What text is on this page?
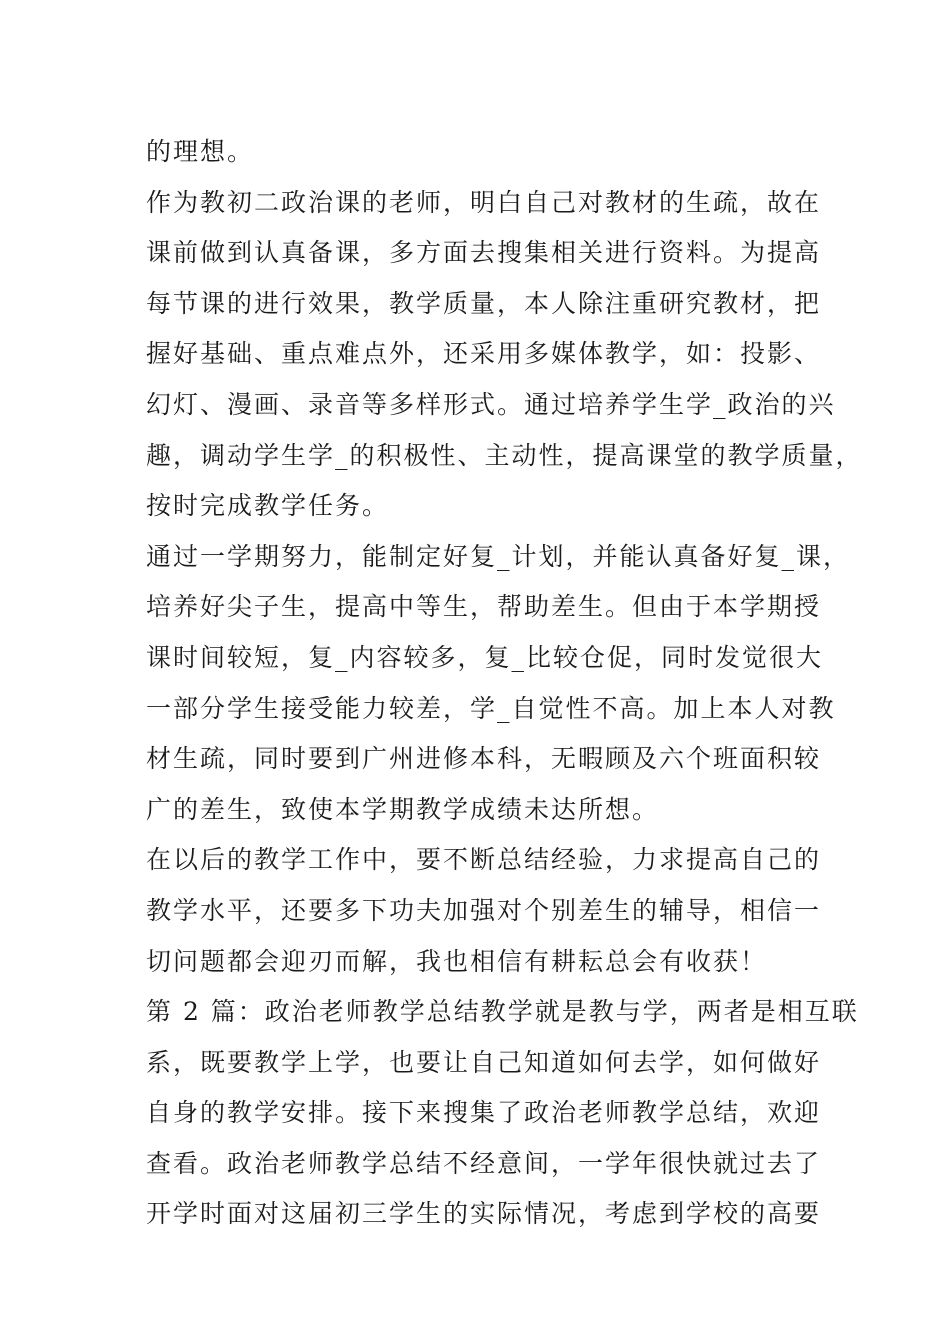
的理想。
作为教初二政治课的老师，明白自己对教材的生疏，故在
课前做到认真备课，多方面去搜集相关进行资料。为提高
每节课的进行效果，教学质量，本人除注重研究教材，把
握好基础、重点难点外，还采用多媒体教学，如：投影、
幻灯、漫画、录音等多样形式。通过培养学生学_政治的兴
趣，调动学生学_的积极性、主动性，提高课堂的教学质量，
按时完成教学任务。
通过一学期努力，能制定好复_计划，并能认真备好复_课，
培养好尖子生，提高中等生，帮助差生。但由于本学期授
课时间较短，复_内容较多，复_比较仓促，同时发觉很大
一部分学生接受能力较差，学_自觉性不高。加上本人对教
材生疏，同时要到广州进修本科，无暇顾及六个班面积较
广的差生，致使本学期教学成绩未达所想。
在以后的教学工作中，要不断总结经验，力求提高自己的
教学水平，还要多下功夫加强对个别差生的辅导，相信一
切问题都会迎刃而解，我也相信有耕耘总会有收获！
第 2 篇：政治老师教学总结教学就是教与学，两者是相互联
系，既要教学上学，也要让自己知道如何去学，如何做好
自身的教学安排。接下来搜集了政治老师教学总结，欢迎
查看。政治老师教学总结不经意间，一学年很快就过去了
开学时面对这届初三学生的实际情况，考虑到学校的高要
